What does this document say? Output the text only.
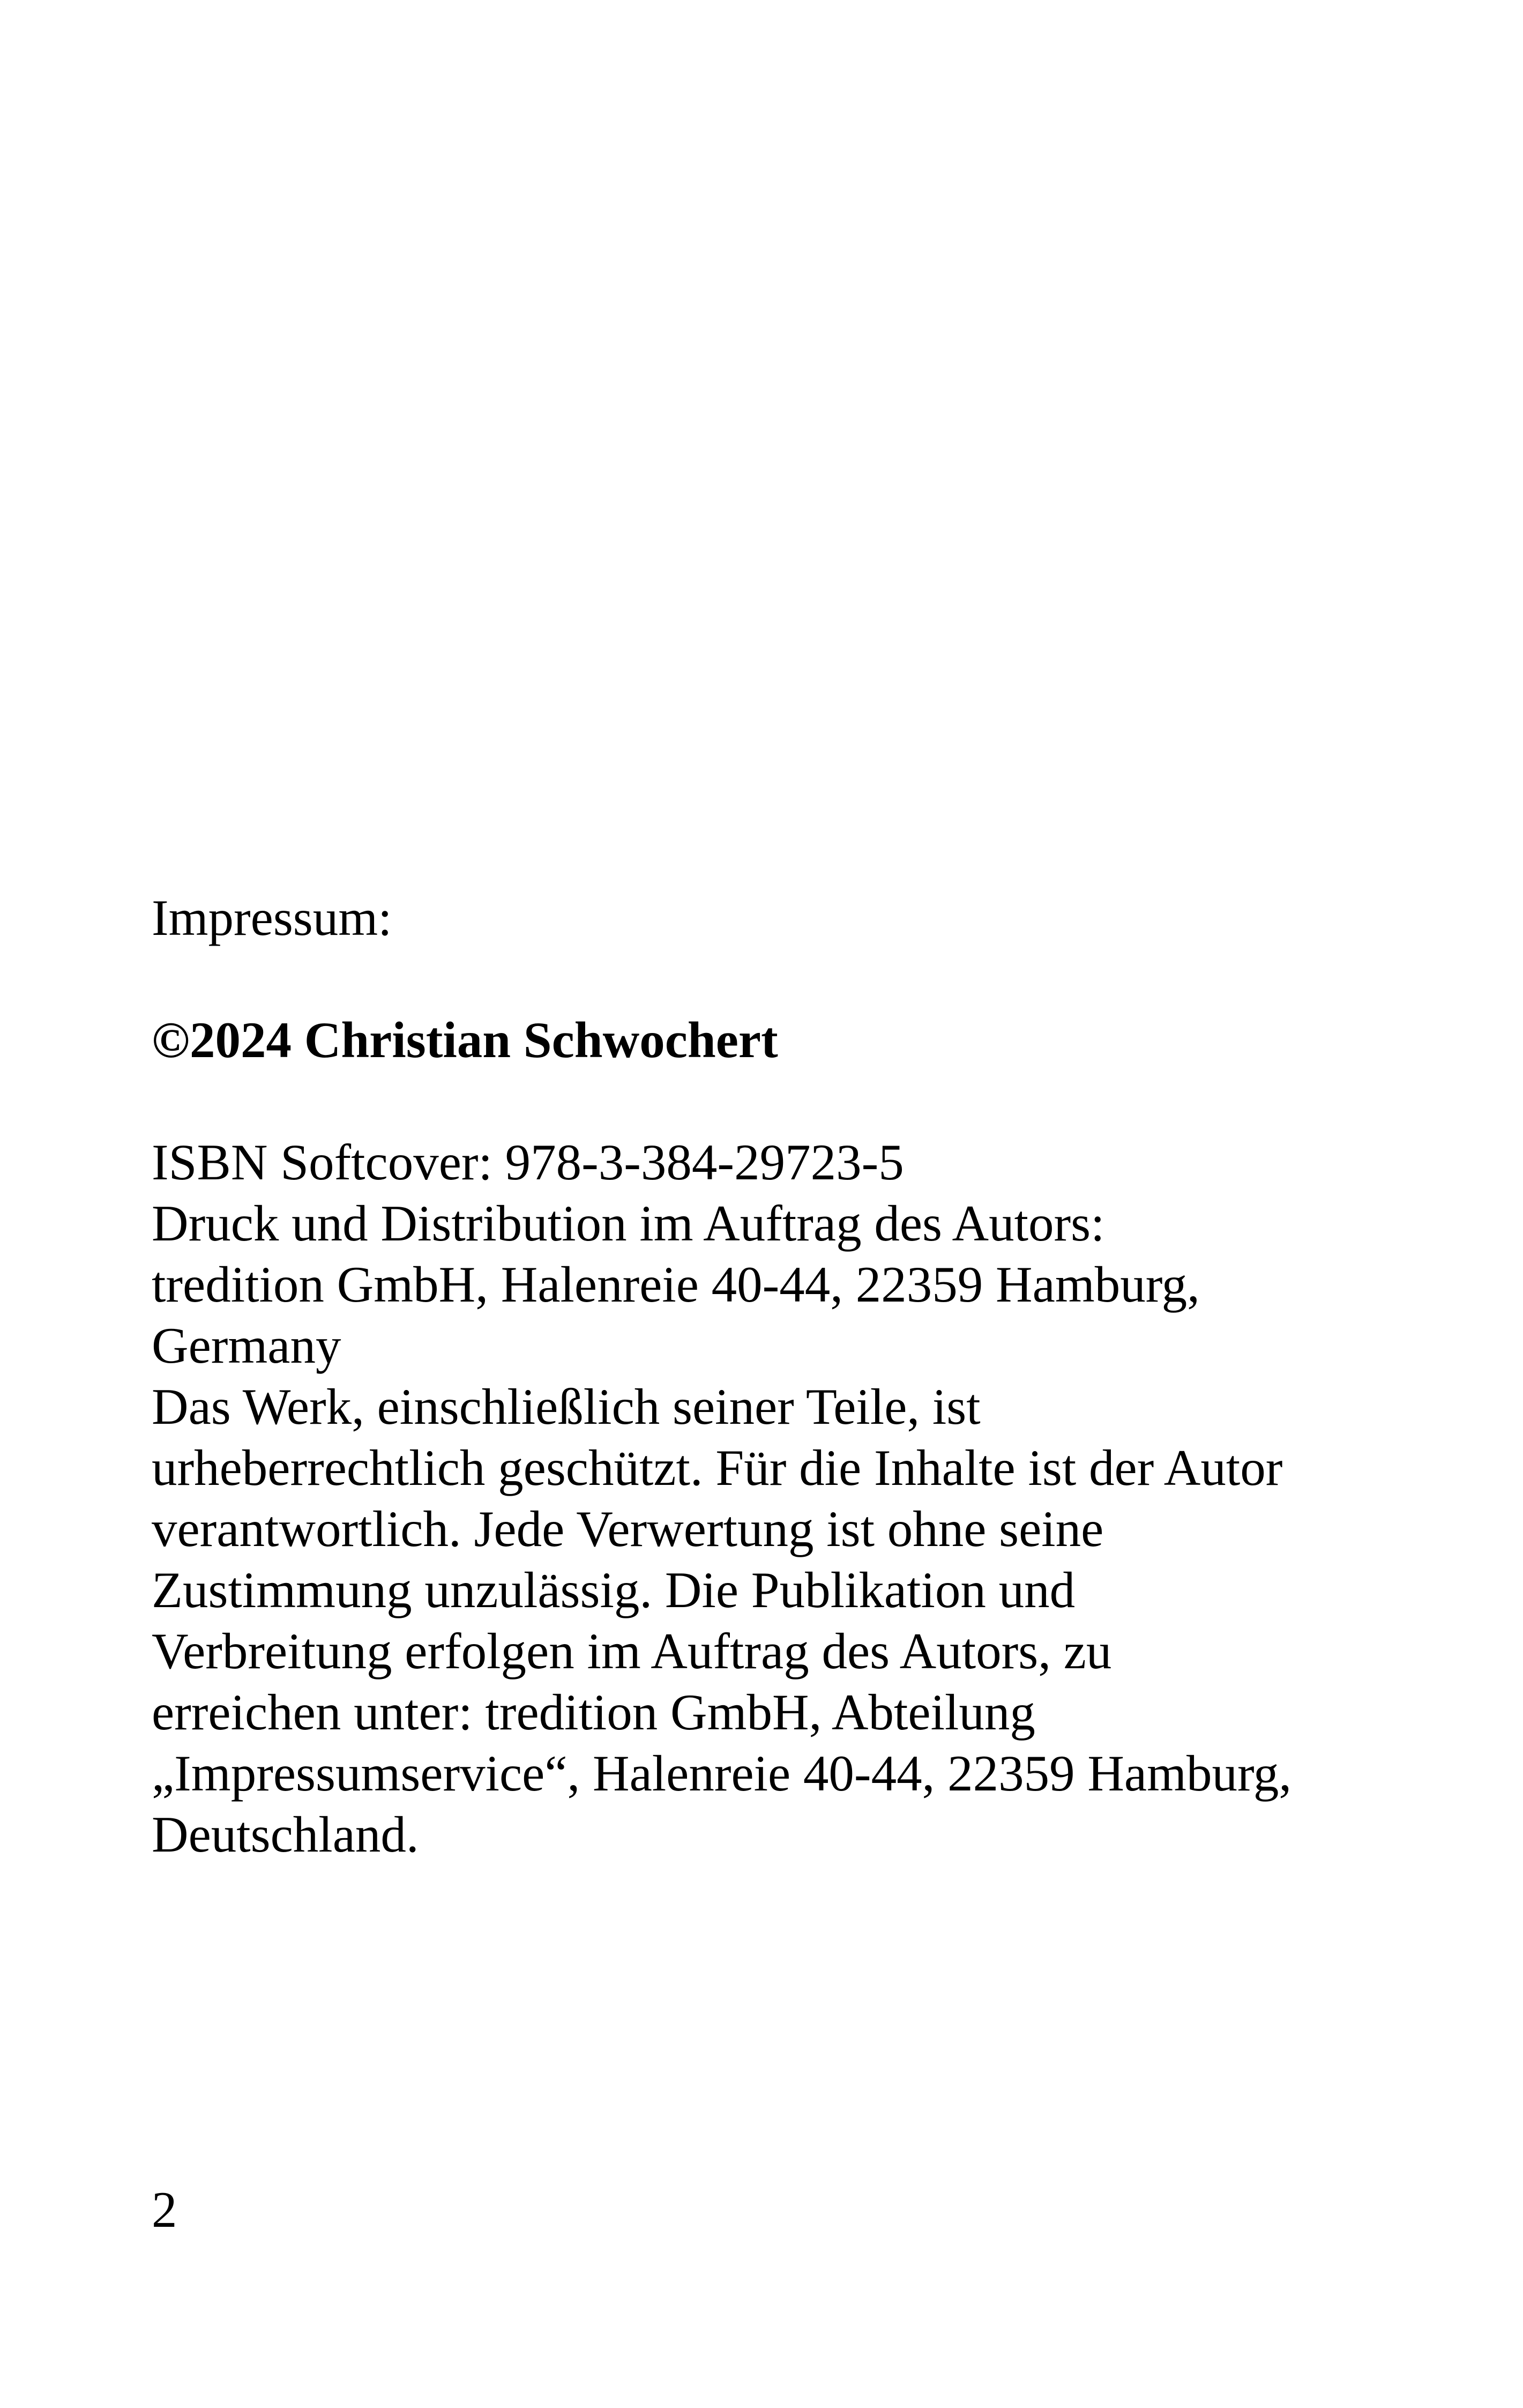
Impressum:

©2024 Christian Schwochert

ISBN Softcover: 978-3-384-29723-5

Druck und Distribution im Auftrag des Autors:

tredition GmbH, Halenreie 40-44, 22359 Hamburg,

Germany

Das Werk, einschließlich seiner Teile, ist

urheberrechtlich geschützt. Für die Inhalte ist der Autor

verantwortlich. Jede Verwertung ist ohne seine

Zustimmung unzulässig. Die Publikation und

Verbreitung erfolgen im Auftrag des Autors, zu

erreichen unter: tredition GmbH, Abteilung

„Impressumservice“, Halenreie 40-44, 22359 Hamburg,

Deutschland.

2
